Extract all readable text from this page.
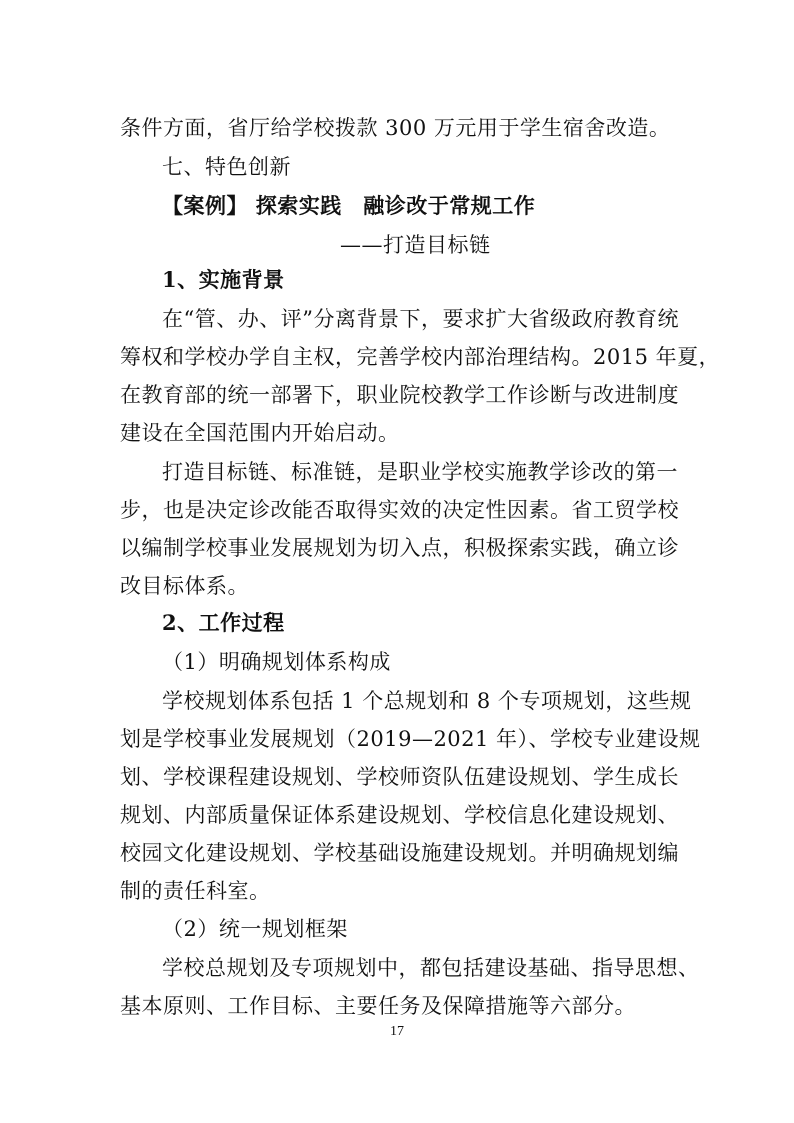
条件方面，省厅给学校拨款 300 万元用于学生宿舍改造。
七、特色创新
【案例】 探索实践　融诊改于常规工作
——打造目标链
1、实施背景
在“管、办、评”分离背景下，要求扩大省级政府教育统
筹权和学校办学自主权，完善学校内部治理结构。2015 年夏，
在教育部的统一部署下，职业院校教学工作诊断与改进制度
建设在全国范围内开始启动。
打造目标链、标准链，是职业学校实施教学诊改的第一
步，也是决定诊改能否取得实效的决定性因素。省工贸学校
以编制学校事业发展规划为切入点，积极探索实践，确立诊
改目标体系。
2、工作过程
（1）明确规划体系构成
学校规划体系包括 1 个总规划和 8 个专项规划，这些规
划是学校事业发展规划（2019—2021 年）、学校专业建设规
划、学校课程建设规划、学校师资队伍建设规划、学生成长
规划、内部质量保证体系建设规划、学校信息化建设规划、
校园文化建设规划、学校基础设施建设规划。并明确规划编
制的责任科室。
（2）统一规划框架
学校总规划及专项规划中，都包括建设基础、指导思想、
基本原则、工作目标、主要任务及保障措施等六部分。
17
